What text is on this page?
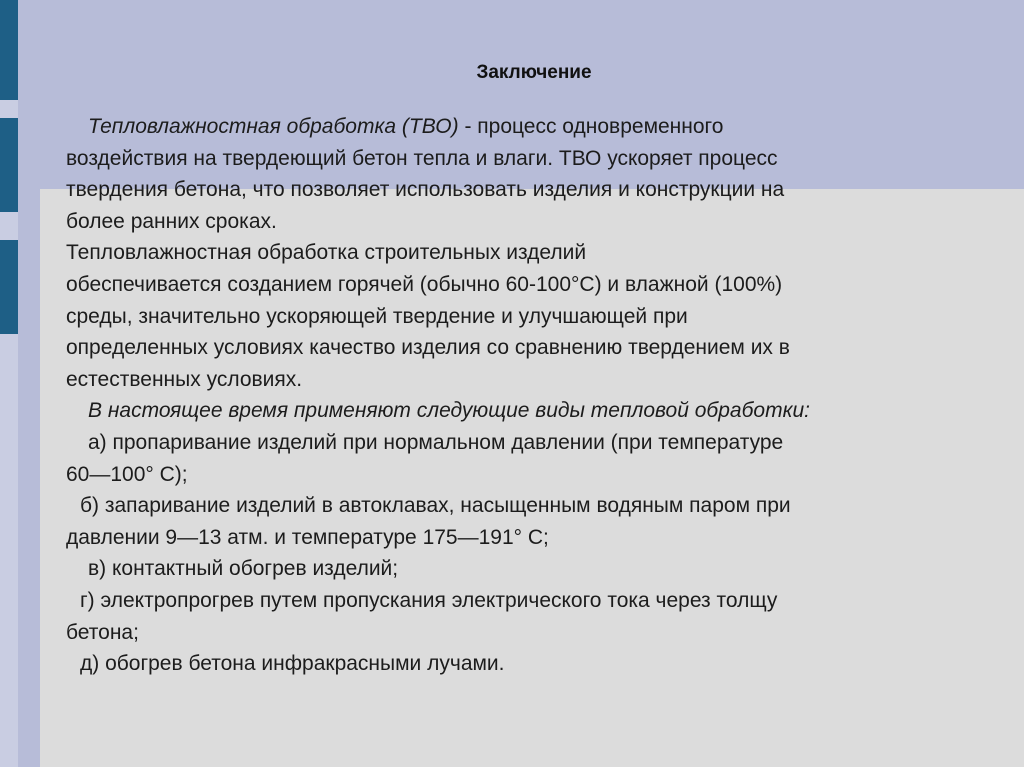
Заключение

Тепловлажностная обработка (ТВО) - процесс одновременного
воздействия на твердеющий бетон тепла и влаги. ТВО ускоряет процесс
твердения бетона, что позволяет использовать изделия и конструкции на
более ранних сроках.

Тепловлажностная обработка строительных изделий
обеспечивается созданием горячей (обычно 60-100°С) и влажной (100%)
среды, значительно ускоряющей твердение и улучшающей при
определенных условиях качество изделия со сравнению твердением их в
естественных условиях.

В настоящее время применяют следующие виды тепловой обработки:

а) пропаривание изделий при нормальном давлении (при температуре
60—100° С);

б) запаривание изделий в автоклавах, насыщенным водяным паром при
давлении 9—13 атм. и температуре 175—191° С;

в) контактный обогрев изделий;

г) электропрогрев путем пропускания электрического тока через толщу
бетона;

д) обогрев бетона инфракрасными лучами.
